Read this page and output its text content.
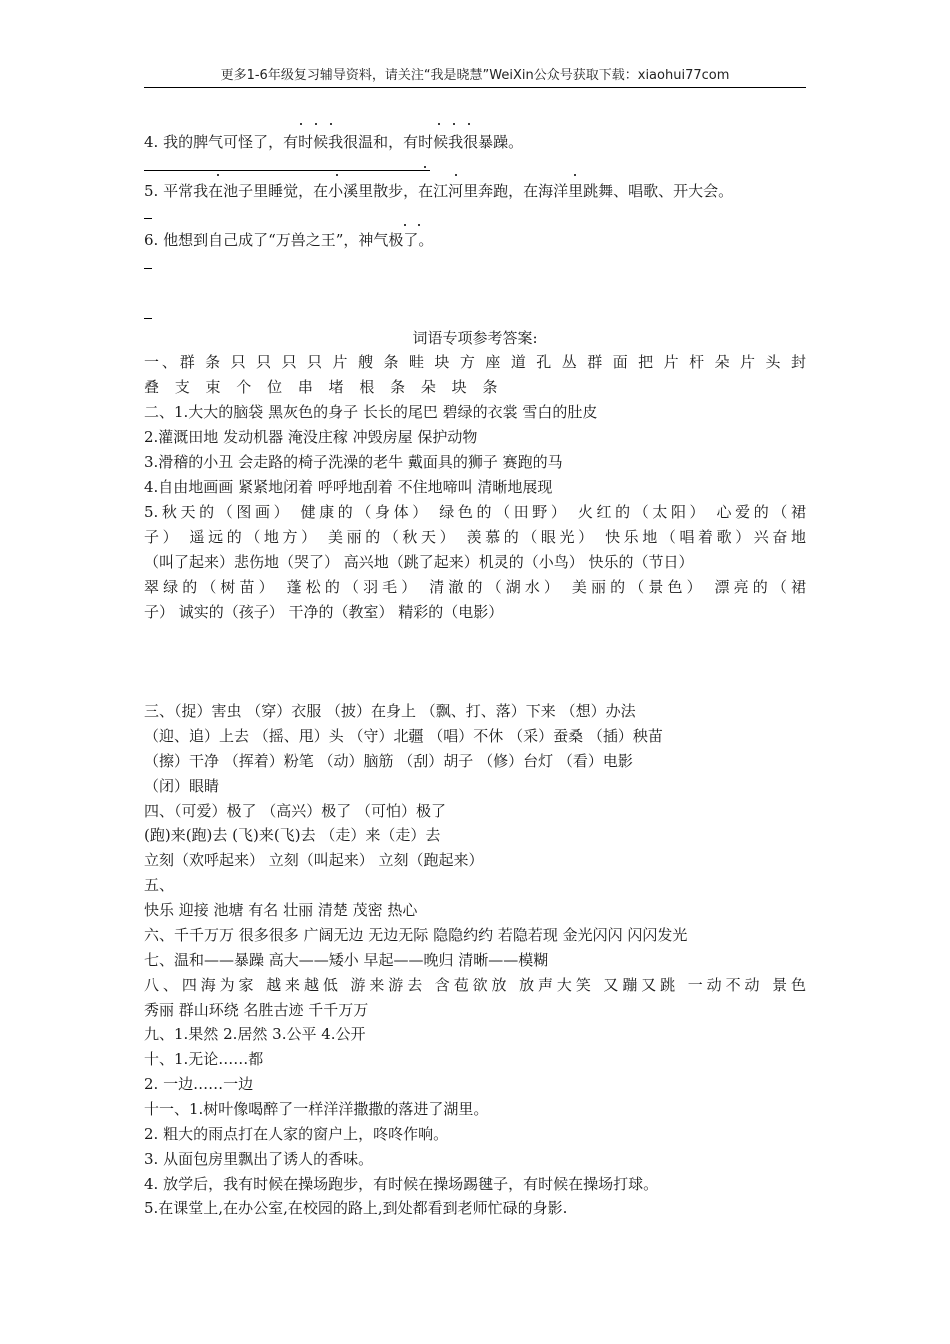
更多1-6年级复习辅导资料，请关注“我是晓慧”WeiXin公众号获取下载：xiaohui77com
4. 我的脾气可怪了，有时候我很温和，有时候我很暴躁。
5. 平常我在池子里睡觉，在小溪里散步，在江河里奔跑，在海洋里跳舞、唱歌、开大会。
6. 他想到自己成了“万兽之王”，神气极了。
词语专项参考答案:
一、群 条 只 只 只 只 片 艘 条 畦 块 方 座 道 孔 丛 群 面 把 片 杆 朵 片 头 封
叠 支 束 个 位 串 堵 根 条 朵 块 条
二、1.大大的脑袋 黑灰色的身子 长长的尾巴 碧绿的衣裳 雪白的肚皮
2.灌溉田地 发动机器 淹没庄稼 冲毁房屋 保护动物
3.滑稽的小丑 会走路的椅子洗澡的老牛 戴面具的狮子 赛跑的马
4.自由地画画 紧紧地闭着 呼呼地刮着 不住地啼叫 清晰地展现
5.秋天的（图画） 健康的（身体） 绿色的（田野） 火红的（太阳） 心爱的（裙
子） 遥远的（地方） 美丽的（秋天） 羡慕的（眼光） 快乐地（唱着歌）兴奋地
（叫了起来）悲伤地（哭了） 高兴地（跳了起来）机灵的（小鸟） 快乐的（节日）
翠绿的（树苗） 蓬松的（羽毛） 清澈的（湖水） 美丽的（景色） 漂亮的（裙
子） 诚实的（孩子） 干净的（教室） 精彩的（电影）
三、（捉）害虫 （穿）衣服 （披）在身上 （飘、打、落）下来 （想）办法
（迎、追）上去 （摇、甩）头 （守）北疆 （唱）不休 （采）蚕桑 （插）秧苗
（擦）干净 （挥着）粉笔 （动）脑筋 （刮）胡子 （修）台灯 （看）电影
（闭）眼睛
四、（可爱）极了 （高兴）极了 （可怕）极了
(跑)来(跑)去 (飞)来(飞)去 （走）来（走）去
立刻（欢呼起来） 立刻（叫起来） 立刻（跑起来）
五、
快乐 迎接 池塘 有名 壮丽 清楚 茂密 热心
六、千千万万 很多很多 广阔无边 无边无际 隐隐约约 若隐若现 金光闪闪 闪闪发光
七、温和——暴躁 高大——矮小 早起——晚归 清晰——模糊
八、四海为家 越来越低 游来游去 含苞欲放 放声大笑 又蹦又跳 一动不动 景色
秀丽 群山环绕 名胜古迹 千千万万
九、1.果然 2.居然 3.公平 4.公开
十、1.无论……都
2. 一边……一边
十一、1.树叶像喝醉了一样洋洋撒撒的落进了湖里。
2. 粗大的雨点打在人家的窗户上，咚咚作响。
3. 从面包房里飘出了诱人的香味。
4. 放学后，我有时候在操场跑步，有时候在操场踢毽子，有时候在操场打球。
5.在课堂上,在办公室,在校园的路上,到处都看到老师忙碌的身影.
